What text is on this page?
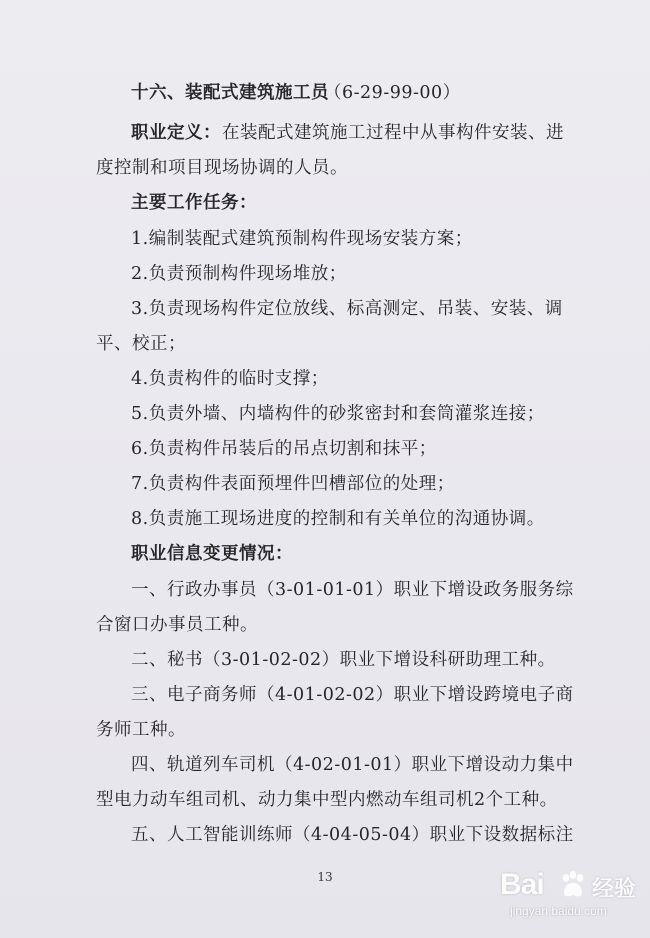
十六、装配式建筑施工员
（6-29-99-00）
职业定义： 在装配式建筑施工过程中从事构件安装、进
度控制和项目现场协调的人员。
主要工作任务：
1.编制装配式建筑预制构件现场安装方案；
2.负责预制构件现场堆放；
3.负责现场构件定位放线、标高测定、吊装、安装、调
平、校正；
4.负责构件的临时支撑；
5.负责外墙、内墙构件的砂浆密封和套筒灌浆连接；
6.负责构件吊装后的吊点切割和抹平；
7.负责构件表面预埋件凹槽部位的处理；
8.负责施工现场进度的控制和有关单位的沟通协调。
职业信息变更情况：
一、行政办事员（3-01-01-01）职业下增设政务服务综
合窗口办事员工种。
二、秘书（3-01-02-02）职业下增设科研助理工种。
三、电子商务师（4-01-02-02）职业下增设跨境电子商
务师工种。
四、轨道列车司机（4-02-01-01）职业下增设动力集中
型电力动车组司机、动力集中型内燃动车组司机2个工种。
五、人工智能训练师（4-04-05-04）职业下设数据标注
13	Bai 经验
jingyan.baidu.com
